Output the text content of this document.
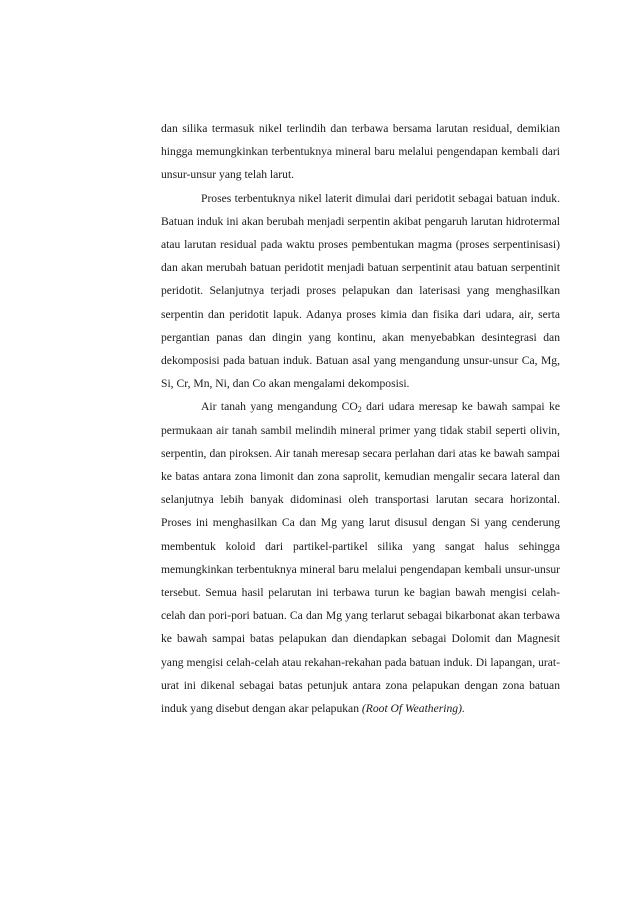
dan silika termasuk nikel terlindih dan terbawa bersama larutan residual, demikian hingga memungkinkan terbentuknya mineral baru melalui pengendapan kembali dari unsur-unsur yang telah larut.

Proses terbentuknya nikel laterit dimulai dari peridotit sebagai batuan induk. Batuan induk ini akan berubah menjadi serpentin akibat pengaruh larutan hidrotermal atau larutan residual pada waktu proses pembentukan magma (proses serpentinisasi) dan akan merubah batuan peridotit menjadi batuan serpentinit atau batuan serpentinit peridotit. Selanjutnya terjadi proses pelapukan dan laterisasi yang menghasilkan serpentin dan peridotit lapuk. Adanya proses kimia dan fisika dari udara, air, serta pergantian panas dan dingin yang kontinu, akan menyebabkan desintegrasi dan dekomposisi pada batuan induk. Batuan asal yang mengandung unsur-unsur Ca, Mg, Si, Cr, Mn, Ni, dan Co akan mengalami dekomposisi.

Air tanah yang mengandung $CO_2$ dari udara meresap ke bawah sampai ke permukaan air tanah sambil melindih mineral primer yang tidak stabil seperti olivin, serpentin, dan piroksen. Air tanah meresap secara perlahan dari atas ke bawah sampai ke batas antara zona limonit dan zona saprolit, kemudian mengalir secara lateral dan selanjutnya lebih banyak didominasi oleh transportasi larutan secara horizontal. Proses ini menghasilkan Ca dan Mg yang larut disusul dengan Si yang cenderung membentuk koloid dari partikel-partikel silika yang sangat halus sehingga memungkinkan terbentuknya mineral baru melalui pengendapan kembali unsur-unsur tersebut. Semua hasil pelarutan ini terbawa turun ke bagian bawah mengisi celah-celah dan pori-pori batuan. Ca dan Mg yang terlarut sebagai bikarbonat akan terbawa ke bawah sampai batas pelapukan dan diendapkan sebagai Dolomit dan Magnesit yang mengisi celah-celah atau rekahan-rekahan pada batuan induk. Di lapangan, urat-urat ini dikenal sebagai batas petunjuk antara zona pelapukan dengan zona batuan induk yang disebut dengan akar pelapukan (Root Of Weathering).
